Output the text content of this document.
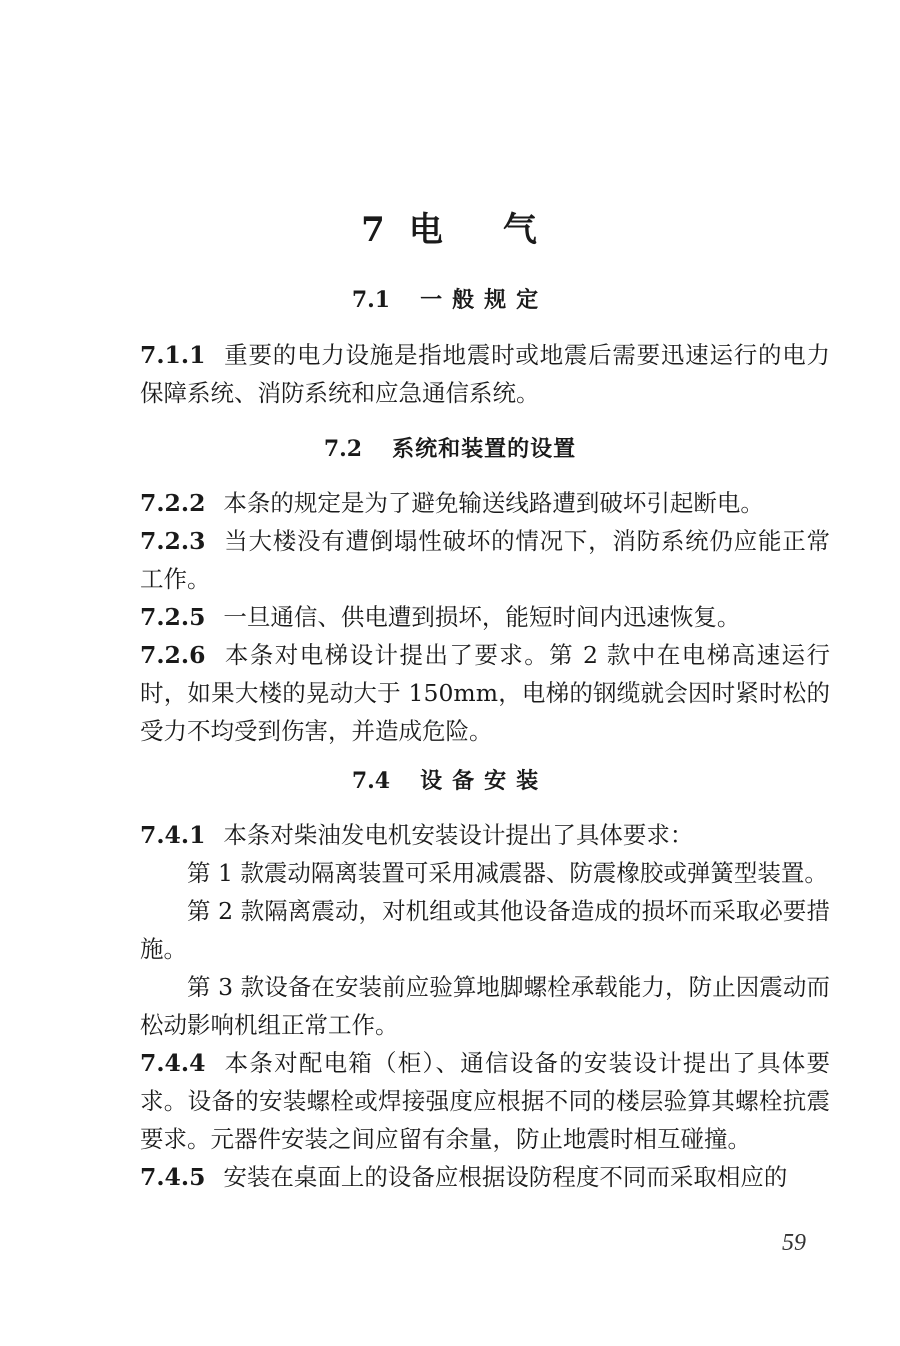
7 电 气
7.1 一般规定

7.1.1 重要的电力设施是指地震时或地震后需要迅速运行的电力保障系统、消防系统和应急通信系统。

7.2 系统和装置的设置

7.2.2 本条的规定是为了避免输送线路遭到破坏引起断电。

7.2.3 当大楼没有遭倒塌性破坏的情况下，消防系统仍应能正常工作。

7.2.5 一旦通信、供电遭到损坏，能短时间内迅速恢复。

7.2.6 本条对电梯设计提出了要求。第 2 款中在电梯高速运行时，如果大楼的晃动大于 150mm，电梯的钢缆就会因时紧时松的受力不均受到伤害，并造成危险。

7.4 设备安装

7.4.1 本条对柴油发电机安装设计提出了具体要求：

第 1 款震动隔离装置可采用减震器、防震橡胶或弹簧型装置。

第 2 款隔离震动，对机组或其他设备造成的损坏而采取必要措施。

第 3 款设备在安装前应验算地脚螺栓承载能力，防止因震动而松动影响机组正常工作。

7.4.4 本条对配电箱（柜）、通信设备的安装设计提出了具体要求。设备的安装螺栓或焊接强度应根据不同的楼层验算其螺栓抗震要求。元器件安装之间应留有余量，防止地震时相互碰撞。

7.4.5 安装在桌面上的设备应根据设防程度不同而采取相应的

59
